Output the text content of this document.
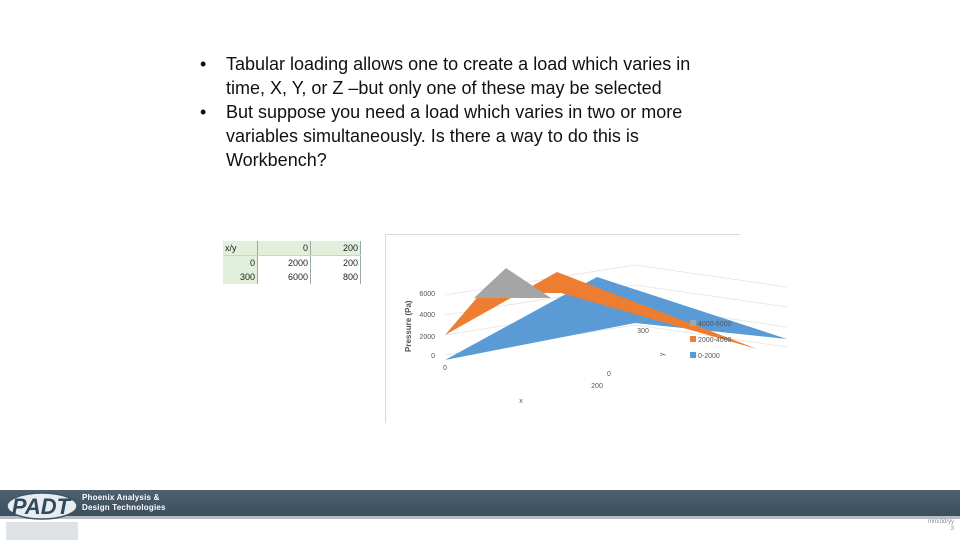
• Tabular loading allows one to create a load which varies in time, X, Y, or Z –but only one of these may be selected
• But suppose you need a load which varies in two or more variables simultaneously. Is there a way to do this is Workbench?
x/y	0	200
0	2000	200
300	6000	800
Pressure (Pa)
6000
4000
2000
0
0
200
x
0
300
y
4000-6000
2000-4000
0-2000
PADT Phoenix Analysis &
Design Technologies
mm/dd/yy
3
